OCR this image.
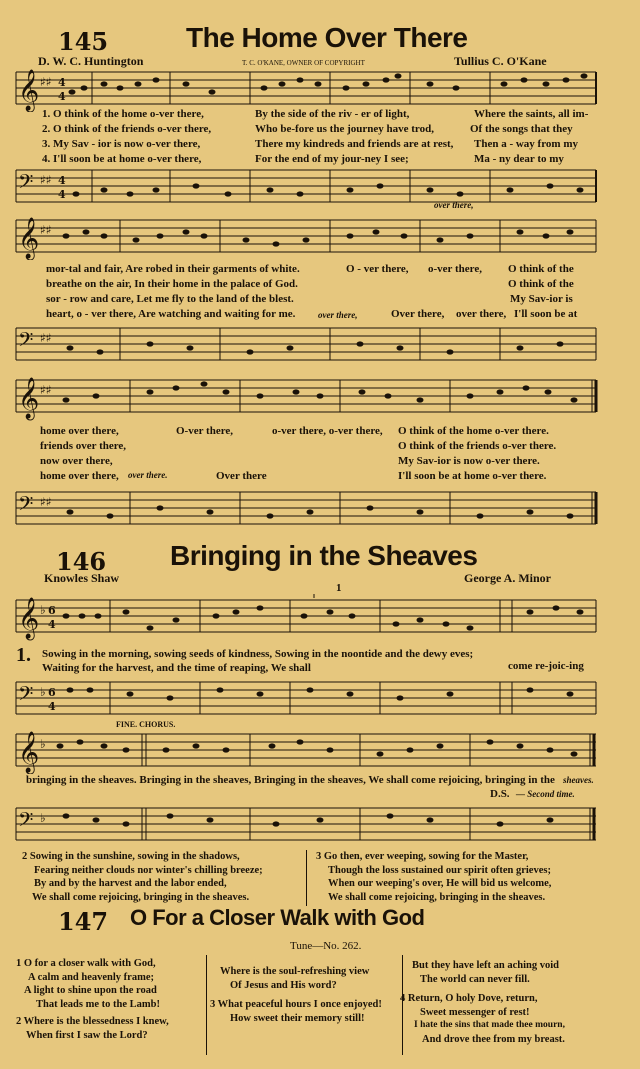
145	The Home Over There
D. W. C. Huntington	T. C. O'KANE, OWNER OF COPYRIGHT	Tullius C. O'Kane
𝄞 ♯♯ 4
4
1. O think of the home o-ver there,	By the side of the riv - er of light,	Where the saints, all im-
2. O think of the friends o-ver there,	Who be-fore us the journey have trod,	Of the songs that they
3. My Sav - ior is now o-ver there,	There my kindreds and friends are at rest, Then a - way from my
4. I'll soon be at home o-ver there,	For the end of my jour-ney I see;	Ma - ny dear to my
𝄢 ♯♯ 4
4
over there,
𝄞 ♯♯
mor-tal and fair, Are robed in their garments of white.	O - ver there, o-ver there, O think of the
breathe on the air, In their home in the palace of God.	O think of the
sor - row and care, Let me fly to the land of the blest.	My Sav-ior is
heart, o - ver there, Are watching and waiting for me.	Over there, over there, I'll soon be at
over there,
𝄢 ♯♯
𝄞 ♯♯
home over there,	O-ver there,	o-ver there, o-ver there, O think of the home o-ver there.
friends over there,	O think of the friends o-ver there.
now over there,	My Sav-ior is now o-ver there.
home over there,	Over there	I'll soon be at home o-ver there.
over there.
𝄢 ♯♯
146 Bringing in the Sheaves
Knowles Shaw	George A. Minor
𝄞 ♭ 6
4
1
1. Sowing in the morning, sowing seeds of kindness, Sowing in the noontide and the dewy eves;
Waiting for the harvest, and the time of reaping, We shall	come re-joic-ing
𝄢 ♭ 6
4
FINE. CHORUS.
𝄞 ♭
bringing in the sheaves. Bringing in the sheaves, Bringing in the sheaves, We shall come rejoicing, bringing in the sheaves.
D.S. — Second time.
𝄢 ♭
2 Sowing in the sunshine, sowing in the shadows,
Fearing neither clouds nor winter's chilling breeze;
By and by the harvest and the labor ended,
We shall come rejoicing, bringing in the sheaves.
3 Go then, ever weeping, sowing for the Master,
Though the loss sustained our spirit often grieves;
When our weeping's over, He will bid us welcome,
We shall come rejoicing, bringing in the sheaves.
147 O For a Closer Walk with God
Tune—No. 262.
1 O for a closer walk with God,
A calm and heavenly frame;
A light to shine upon the road
That leads me to the Lamb!
2 Where is the blessedness I knew,
When first I saw the Lord?
Where is the soul-refreshing view
Of Jesus and His word?
3 What peaceful hours I once enjoyed!
How sweet their memory still!
But they have left an aching void
The world can never fill.
4 Return, O holy Dove, return,
Sweet messenger of rest!
I hate the sins that made thee mourn,
And drove thee from my breast.
